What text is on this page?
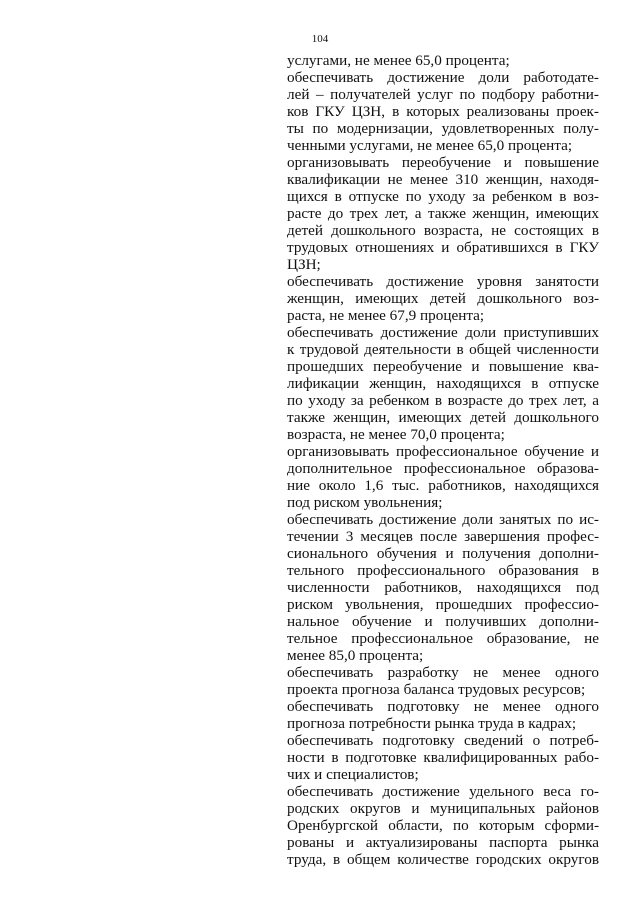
104
услугами, не менее 65,0 процента;
обеспечивать достижение доли работодате-
лей – получателей услуг по подбору работни-
ков ГКУ ЦЗН, в которых реализованы проек-
ты по модернизации, удовлетворенных полу-
ченными услугами, не менее 65,0 процента;
организовывать переобучение и повышение
квалификации не менее 310 женщин, находя-
щихся в отпуске по уходу за ребенком в воз-
расте до трех лет, а также женщин, имеющих
детей дошкольного возраста, не состоящих в
трудовых отношениях и обратившихся в ГКУ
ЦЗН;
обеспечивать достижение уровня занятости
женщин, имеющих детей дошкольного воз-
раста, не менее 67,9 процента;
обеспечивать достижение доли приступивших
к трудовой деятельности в общей численности
прошедших переобучение и повышение ква-
лификации женщин, находящихся в отпуске
по уходу за ребенком в возрасте до трех лет, а
также женщин, имеющих детей дошкольного
возраста, не менее 70,0 процента;
организовывать профессиональное обучение и
дополнительное профессиональное образова-
ние около 1,6 тыс. работников, находящихся
под риском увольнения;
обеспечивать достижение доли занятых по ис-
течении 3 месяцев после завершения профес-
сионального обучения и получения дополни-
тельного профессионального образования в
численности работников, находящихся под
риском увольнения, прошедших профессио-
нальное обучение и получивших дополни-
тельное профессиональное образование, не
менее 85,0 процента;
обеспечивать разработку не менее одного
проекта прогноза баланса трудовых ресурсов;
обеспечивать подготовку не менее одного
прогноза потребности рынка труда в кадрах;
обеспечивать подготовку сведений о потреб-
ности в подготовке квалифицированных рабо-
чих и специалистов;
обеспечивать достижение удельного веса го-
родских округов и муниципальных районов
Оренбургской области, по которым сформи-
рованы и актуализированы паспорта рынка
труда, в общем количестве городских округов
